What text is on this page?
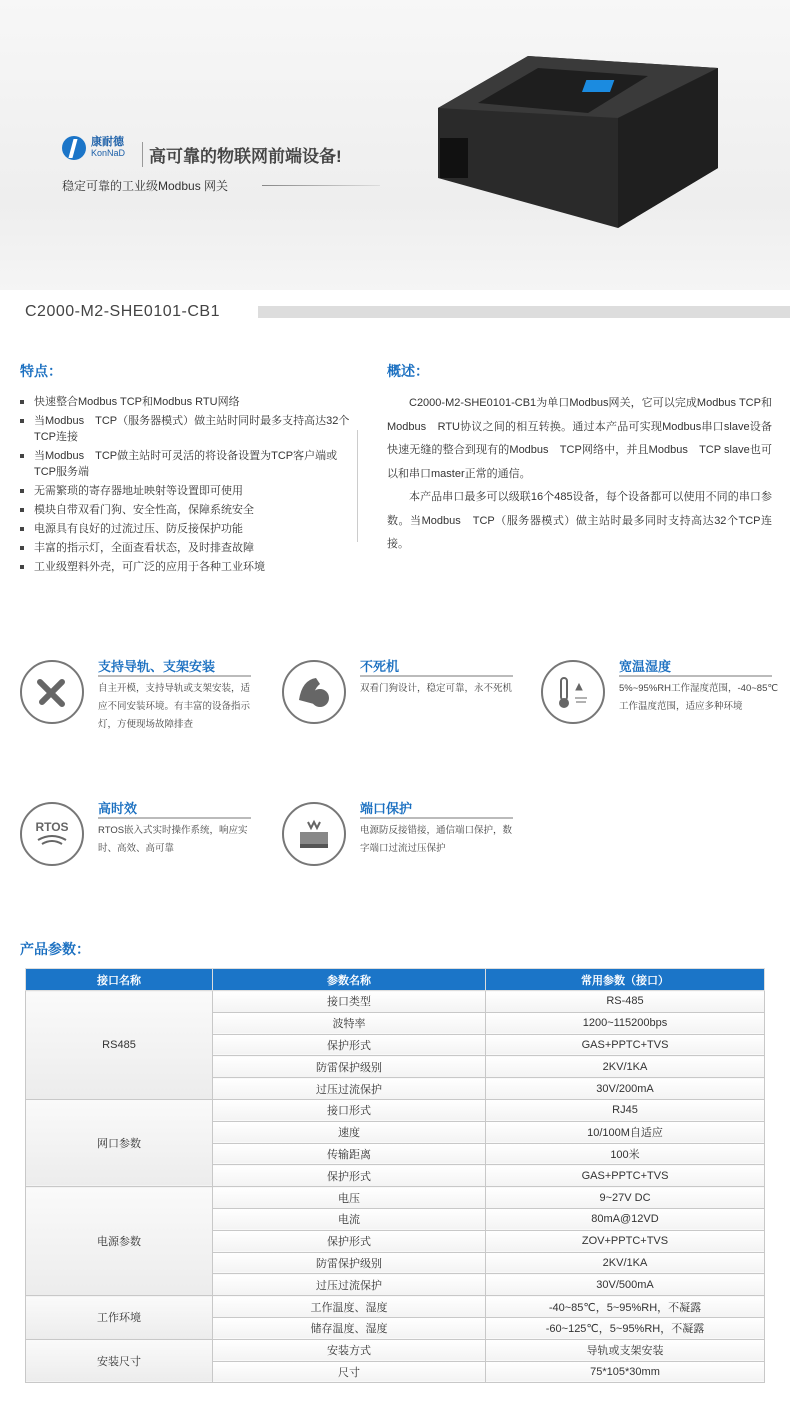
康耐德
KonNaD	高可靠的物联网前端设备!
稳定可靠的工业级Modbus 网关
C2000-M2-SHE0101-CB1
特点：
快速整合Modbus TCP和Modbus RTU网络
当Modbus　TCP（服务器模式）做主站时同时最多支持高达32个TCP连接
当Modbus　TCP做主站时可灵活的将设备设置为TCP客户端或TCP服务端
无需繁琐的寄存器地址映射等设置即可使用
模块自带双看门狗、安全性高，保障系统安全
电源具有良好的过流过压、防反接保护功能
丰富的指示灯，全面查看状态，及时排查故障
工业级塑料外壳，可广泛的应用于各种工业环境
概述：

C2000-M2-SHE0101-CB1为单口Modbus网关，它可以完成Modbus TCP和Modbus　RTU协议之间的相互转换。通过本产品可实现Modbus串口slave设备快速无缝的整合到现有的Modbus　TCP网络中，并且Modbus　TCP slave也可以和串口master正常的通信。

本产品串口最多可以级联16个485设备，每个设备都可以使用不同的串口参数。当Modbus　TCP（服务器模式）做主站时最多同时支持高达32个TCP连接。

支持导轨、支架安装
自主开模，支持导轨或支架安装，适应不同安装环境。有丰富的设备指示灯，方便现场故障排查
不死机
双看门狗设计，稳定可靠，永不死机
宽温湿度
5%~95%RH工作湿度范围，-40~85℃工作温度范围，适应多种环境
RTOS
高时效
RTOS嵌入式实时操作系统，响应实时、高效、高可靠
端口保护
电源防反接错接，通信端口保护，数字端口过流过压保护
产品参数：
接口名称	参数名称	常用参数（接口）
RS485	接口类型	RS-485
	波特率	1200~115200bps
	保护形式	GAS+PPTC+TVS
	防雷保护级别	2KV/1KA
	过压过流保护	30V/200mA
网口参数	接口形式	RJ45
	速度	10/100M自适应
	传输距离	100米
	保护形式	GAS+PPTC+TVS
电源参数	电压	9~27V DC
	电流	80mA@12VD
	保护形式	ZOV+PPTC+TVS
	防雷保护级别	2KV/1KA
	过压过流保护	30V/500mA
工作环境	工作温度、湿度	-40~85℃，5~95%RH，不凝露
	储存温度、湿度	-60~125℃，5~95%RH，不凝露
安装尺寸	安装方式	导轨或支架安装
	尺寸	75*105*30mm
